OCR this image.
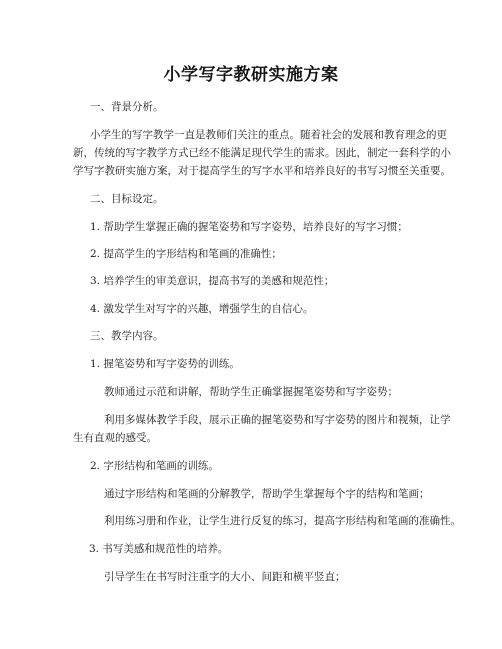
小学写字教研实施方案
一、背景分析。
小学生的写字教学一直是教师们关注的重点。随着社会的发展和教育理念的更
新，传统的写字教学方式已经不能满足现代学生的需求。因此，制定一套科学的小
学写字教研实施方案，对于提高学生的写字水平和培养良好的书写习惯至关重要。
二、目标设定。
1. 帮助学生掌握正确的握笔姿势和写字姿势，培养良好的写字习惯；
2. 提高学生的字形结构和笔画的准确性；
3. 培养学生的审美意识，提高书写的美感和规范性；
4. 激发学生对写字的兴趣，增强学生的自信心。
三、教学内容。
1. 握笔姿势和写字姿势的训练。
教师通过示范和讲解，帮助学生正确掌握握笔姿势和写字姿势；
利用多媒体教学手段，展示正确的握笔姿势和写字姿势的图片和视频，让学
生有直观的感受。
2. 字形结构和笔画的训练。
通过字形结构和笔画的分解教学，帮助学生掌握每个字的结构和笔画；
利用练习册和作业，让学生进行反复的练习，提高字形结构和笔画的准确性。
3. 书写美感和规范性的培养。
引导学生在书写时注重字的大小、间距和横平竖直；
